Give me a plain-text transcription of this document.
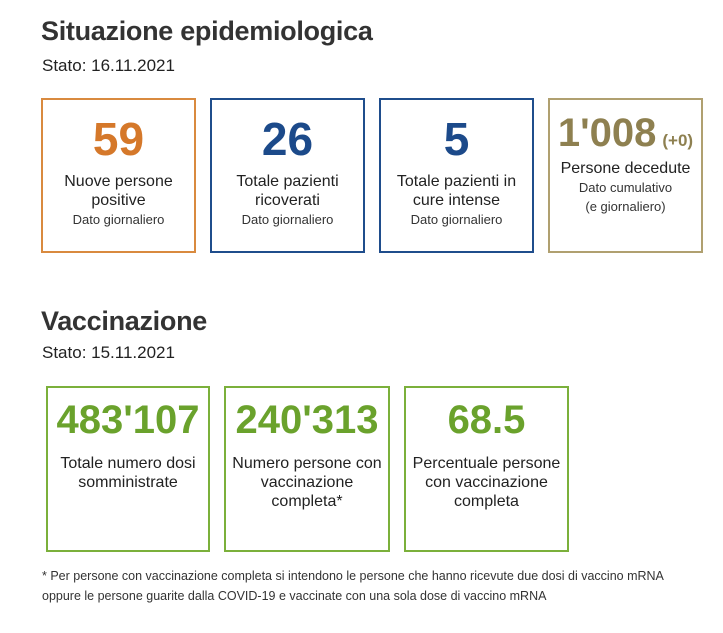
Situazione epidemiologica
Stato: 16.11.2021
59
Nuove persone positive
Dato giornaliero
26
Totale pazienti ricoverati
Dato giornaliero
5
Totale pazienti in cure intense
Dato giornaliero
1'008 (+0)
Persone decedute
Dato cumulativo
(e giornaliero)
Vaccinazione
Stato: 15.11.2021
483'107
Totale numero dosi somministrate
240'313
Numero persone con vaccinazione completa*
68.5
Percentuale persone con vaccinazione completa
* Per persone con vaccinazione completa si intendono le persone che hanno ricevute due dosi di vaccino mRNA oppure le persone guarite dalla COVID-19 e vaccinate con una sola dose di vaccino mRNA
